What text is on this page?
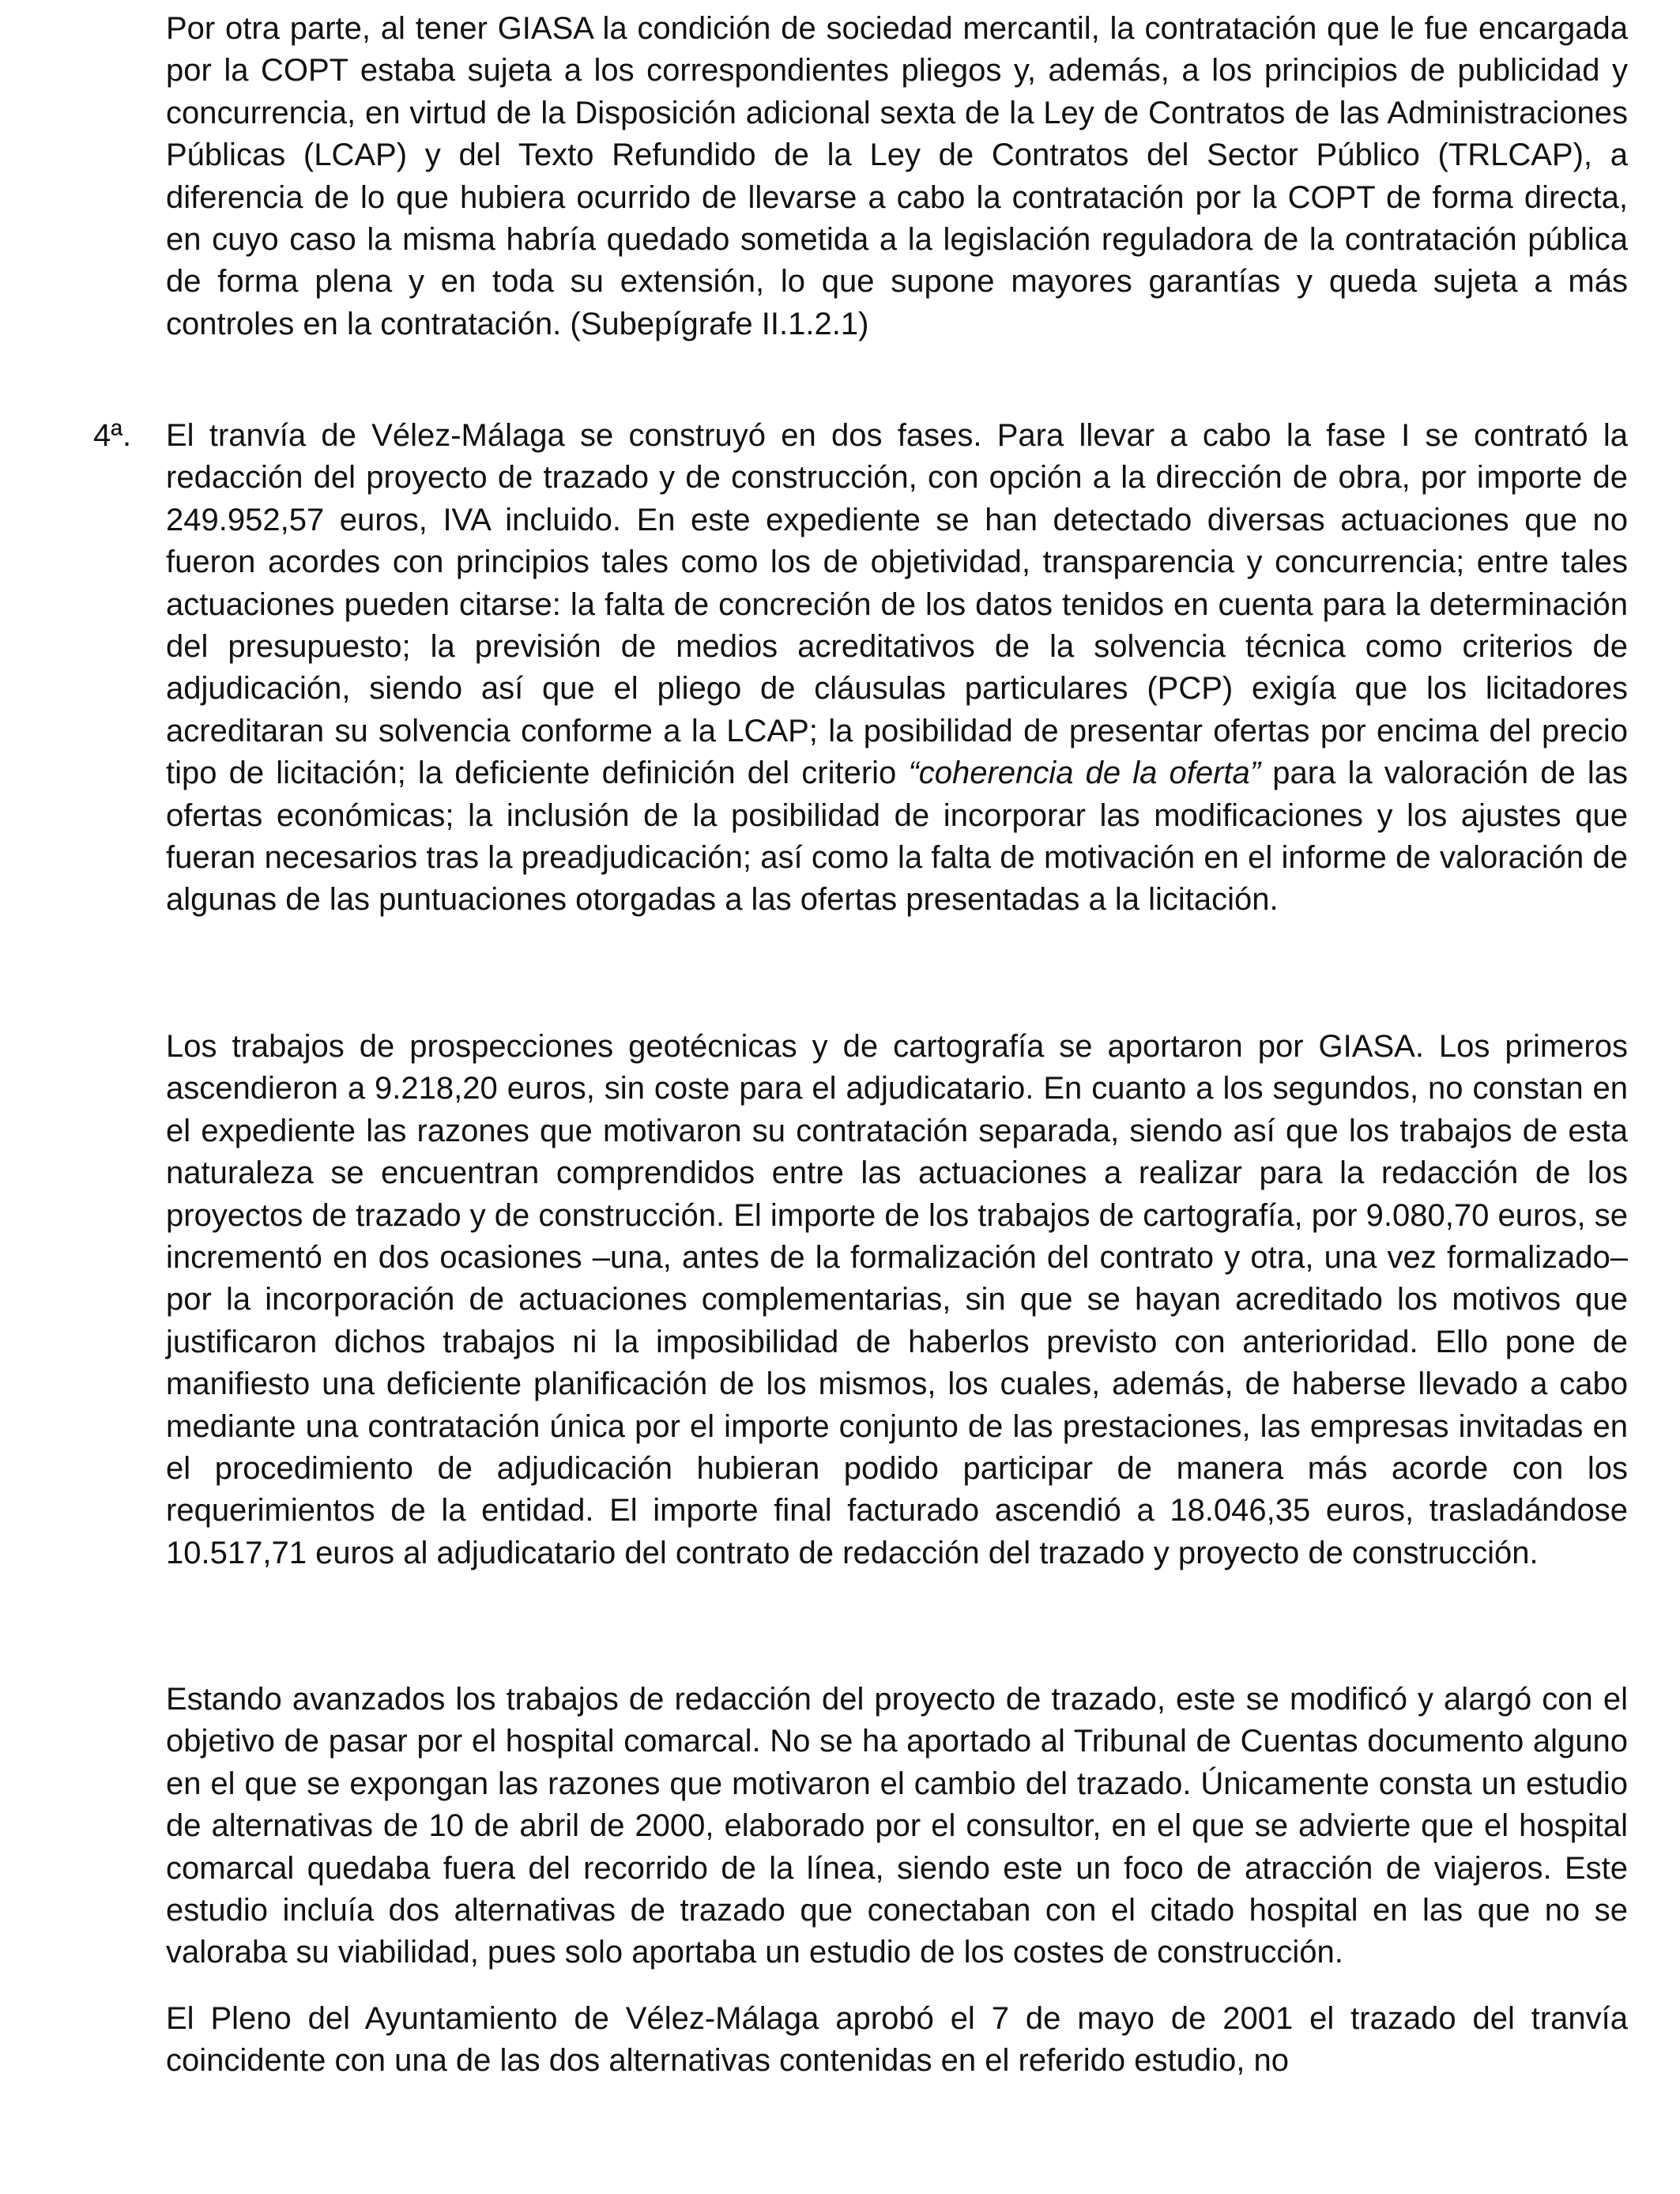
Por otra parte, al tener GIASA la condición de sociedad mercantil, la contratación que le fue encargada por la COPT estaba sujeta a los correspondientes pliegos y, además, a los principios de publicidad y concurrencia, en virtud de la Disposición adicional sexta de la Ley de Contratos de las Administraciones Públicas (LCAP) y del Texto Refundido de la Ley de Contratos del Sector Público (TRLCAP), a diferencia de lo que hubiera ocurrido de llevarse a cabo la contratación por la COPT de forma directa, en cuyo caso la misma habría quedado sometida a la legislación reguladora de la contratación pública de forma plena y en toda su extensión, lo que supone mayores garantías y queda sujeta a más controles en la contratación. (Subepígrafe II.1.2.1)

4ª. El tranvía de Vélez-Málaga se construyó en dos fases. Para llevar a cabo la fase I se contrató la redacción del proyecto de trazado y de construcción, con opción a la dirección de obra, por importe de 249.952,57 euros, IVA incluido. En este expediente se han detectado diversas actuaciones que no fueron acordes con principios tales como los de objetividad, transparencia y concurrencia; entre tales actuaciones pueden citarse: la falta de concreción de los datos tenidos en cuenta para la determinación del presupuesto; la previsión de medios acreditativos de la solvencia técnica como criterios de adjudicación, siendo así que el pliego de cláusulas particulares (PCP) exigía que los licitadores acreditaran su solvencia conforme a la LCAP; la posibilidad de presentar ofertas por encima del precio tipo de licitación; la deficiente definición del criterio “coherencia de la oferta” para la valoración de las ofertas económicas; la inclusión de la posibilidad de incorporar las modificaciones y los ajustes que fueran necesarios tras la preadjudicación; así como la falta de motivación en el informe de valoración de algunas de las puntuaciones otorgadas a las ofertas presentadas a la licitación.

Los trabajos de prospecciones geotécnicas y de cartografía se aportaron por GIASA. Los primeros ascendieron a 9.218,20 euros, sin coste para el adjudicatario. En cuanto a los segundos, no constan en el expediente las razones que motivaron su contratación separada, siendo así que los trabajos de esta naturaleza se encuentran comprendidos entre las actuaciones a realizar para la redacción de los proyectos de trazado y de construcción. El importe de los trabajos de cartografía, por 9.080,70 euros, se incrementó en dos ocasiones –una, antes de la formalización del contrato y otra, una vez formalizado– por la incorporación de actuaciones complementarias, sin que se hayan acreditado los motivos que justificaron dichos trabajos ni la imposibilidad de haberlos previsto con anterioridad. Ello pone de manifiesto una deficiente planificación de los mismos, los cuales, además, de haberse llevado a cabo mediante una contratación única por el importe conjunto de las prestaciones, las empresas invitadas en el procedimiento de adjudicación hubieran podido participar de manera más acorde con los requerimientos de la entidad. El importe final facturado ascendió a 18.046,35 euros, trasladándose 10.517,71 euros al adjudicatario del contrato de redacción del trazado y proyecto de construcción.

Estando avanzados los trabajos de redacción del proyecto de trazado, este se modificó y alargó con el objetivo de pasar por el hospital comarcal. No se ha aportado al Tribunal de Cuentas documento alguno en el que se expongan las razones que motivaron el cambio del trazado. Únicamente consta un estudio de alternativas de 10 de abril de 2000, elaborado por el consultor, en el que se advierte que el hospital comarcal quedaba fuera del recorrido de la línea, siendo este un foco de atracción de viajeros. Este estudio incluía dos alternativas de trazado que conectaban con el citado hospital en las que no se valoraba su viabilidad, pues solo aportaba un estudio de los costes de construcción.

El Pleno del Ayuntamiento de Vélez-Málaga aprobó el 7 de mayo de 2001 el trazado del tranvía coincidente con una de las dos alternativas contenidas en el referido estudio, no
